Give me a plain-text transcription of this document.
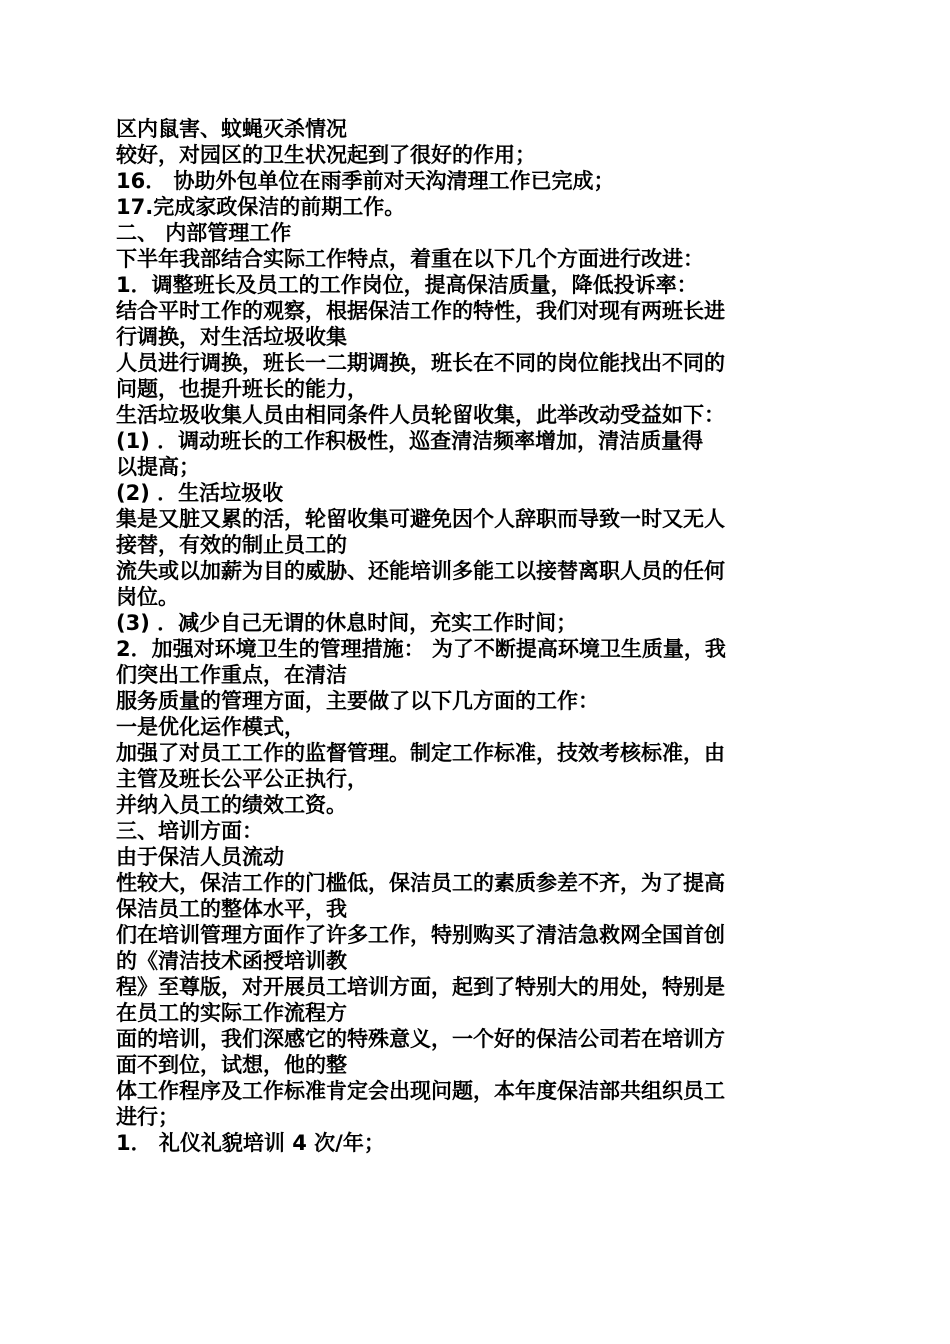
区内鼠害、蚊蝇灭杀情况

较好，对园区的卫生状况起到了很好的作用；

16． 协助外包单位在雨季前对天沟清理工作已完成；

17.完成家政保洁的前期工作。

二、 内部管理工作

下半年我部结合实际工作特点，着重在以下几个方面进行改进：

1．调整班长及员工的工作岗位，提高保洁质量，降低投诉率：

结合平时工作的观察，根据保洁工作的特性，我们对现有两班长进

行调换，对生活垃圾收集

人员进行调换，班长一二期调换，班长在不同的岗位能找出不同的

问题，也提升班长的能力，

生活垃圾收集人员由相同条件人员轮留收集，此举改动受益如下：

(1) ．调动班长的工作积极性，巡查清洁频率增加，清洁质量得

以提高；

(2) ．生活垃圾收

集是又脏又累的活，轮留收集可避免因个人辞职而导致一时又无人

接替，有效的制止员工的

流失或以加薪为目的威胁、还能培训多能工以接替离职人员的任何

岗位。

(3) ．减少自己无谓的休息时间，充实工作时间；

2．加强对环境卫生的管理措施： 为了不断提高环境卫生质量，我

们突出工作重点，在清洁

服务质量的管理方面，主要做了以下几方面的工作：

一是优化运作模式，

加强了对员工工作的监督管理。制定工作标准，技效考核标准，由

主管及班长公平公正执行，

并纳入员工的绩效工资。

三、培训方面：

由于保洁人员流动

性较大，保洁工作的门槛低，保洁员工的素质参差不齐，为了提高

保洁员工的整体水平，我

们在培训管理方面作了许多工作，特别购买了清洁急救网全国首创

的《清洁技术函授培训教

程》至尊版，对开展员工培训方面，起到了特别大的用处，特别是

在员工的实际工作流程方

面的培训，我们深感它的特殊意义，一个好的保洁公司若在培训方

面不到位，试想，他的整

体工作程序及工作标准肯定会出现问题，本年度保洁部共组织员工

进行；

1． 礼仪礼貌培训 4 次/年；
